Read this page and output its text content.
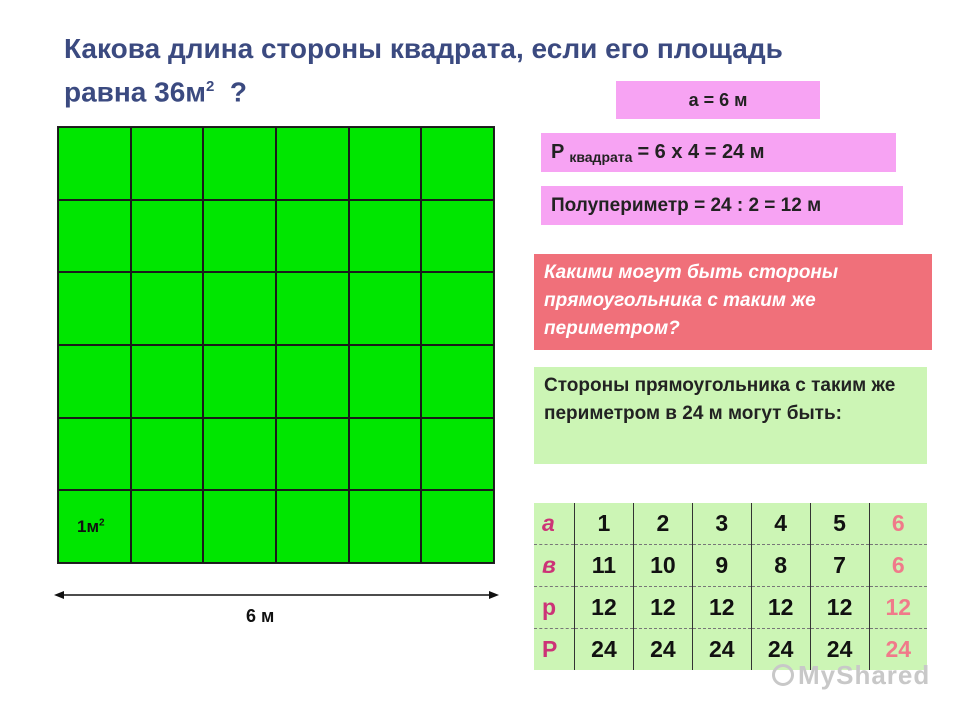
Какова длина стороны квадрата, если его площадь
равна $36м^2$  ?
$1м^2$
6 м
а = 6 м
Р квадрата = 6 х 4 = 24 м
Полупериметр = 24 : 2 = 12 м
Какими могут быть стороны прямоугольника с таким же периметром?
Стороны прямоугольника с таким же периметром в 24 м могут быть:
а	1	2	3	4	5	6
в	11	10	9	8	7	6
р	12	12	12	12	12	12
Р	24	24	24	24	24	24
MyShared
